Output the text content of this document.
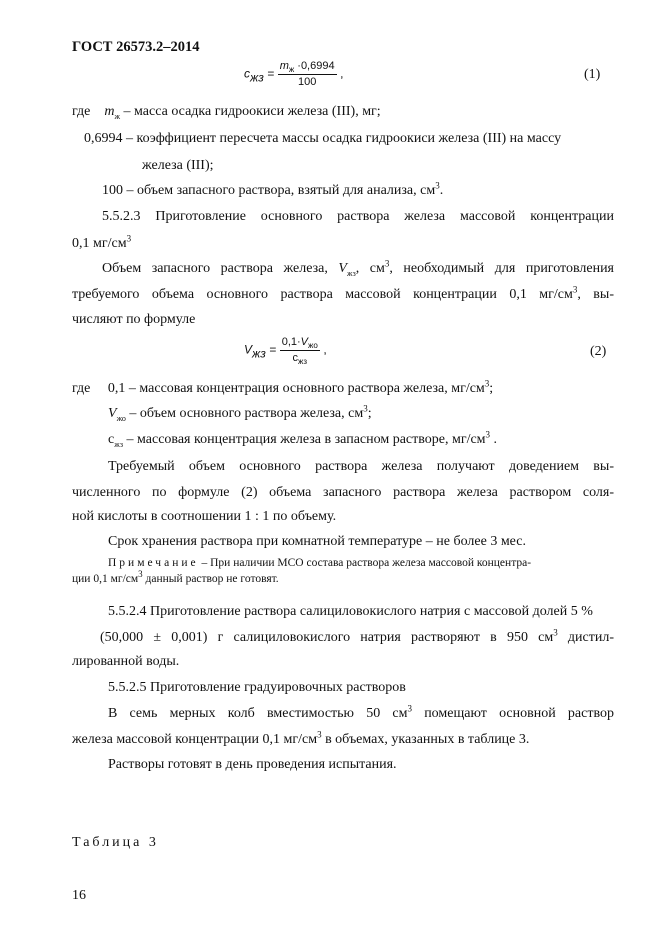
ГОСТ 26573.2–2014
$c_{жз} = \frac{m_ж \cdot 0,6994}{100}$ ,	(1)
где $m_ж$ – масса осадка гидроокиси железа (III), мг;
0,6994 – коэффициент пересчета массы осадка гидроокиси железа (III) на массу
железа (III);
100 – объем запасного раствора, взятый для анализа, $см^3$.
5.5.2.3 Приготовление основного раствора железа массовой концентрации
0,1 $мг/см^3$
Объем запасного раствора железа, $V_{жз}$, $см^3$, необходимый для приготовления
требуемого объема основного раствора массовой концентрации 0,1 $мг/см^3$, вы-
числяют по формуле
$V_{жз} = \frac{0,1\cdot V_{жо}}{c_{жз}}$ ,	(2)
где 0,1 – массовая концентрация основного раствора железа, $мг/см^3$;
$V_{жо}$ – объем основного раствора железа, $см^3$;
$c_{жз}$ – массовая концентрация железа в запасном растворе, $мг/см^3$ .
Требуемый объем основного раствора железа получают доведением вы-
численного по формуле (2) объема запасного раствора железа раствором соля-
ной кислоты в соотношении 1 : 1 по объему.
Срок хранения раствора при комнатной температуре – не более 3 мес.
Примечание – При наличии МСО состава раствора железа массовой концентра-
ции 0,1 $мг/см^3$ данный раствор не готовят.
5.5.2.4 Приготовление раствора салициловокислого натрия с массовой долей 5 %
(50,000 ± 0,001) г салициловокислого натрия растворяют в 950 $см^3$ дистил-
лированной воды.
5.5.2.5 Приготовление градуировочных растворов
В семь мерных колб вместимостью 50 $см^3$ помещают основной раствор
железа массовой концентрации 0,1 $мг/см^3$ в объемах, указанных в таблице 3.
Растворы готовят в день проведения испытания.
Таблица 3
16
